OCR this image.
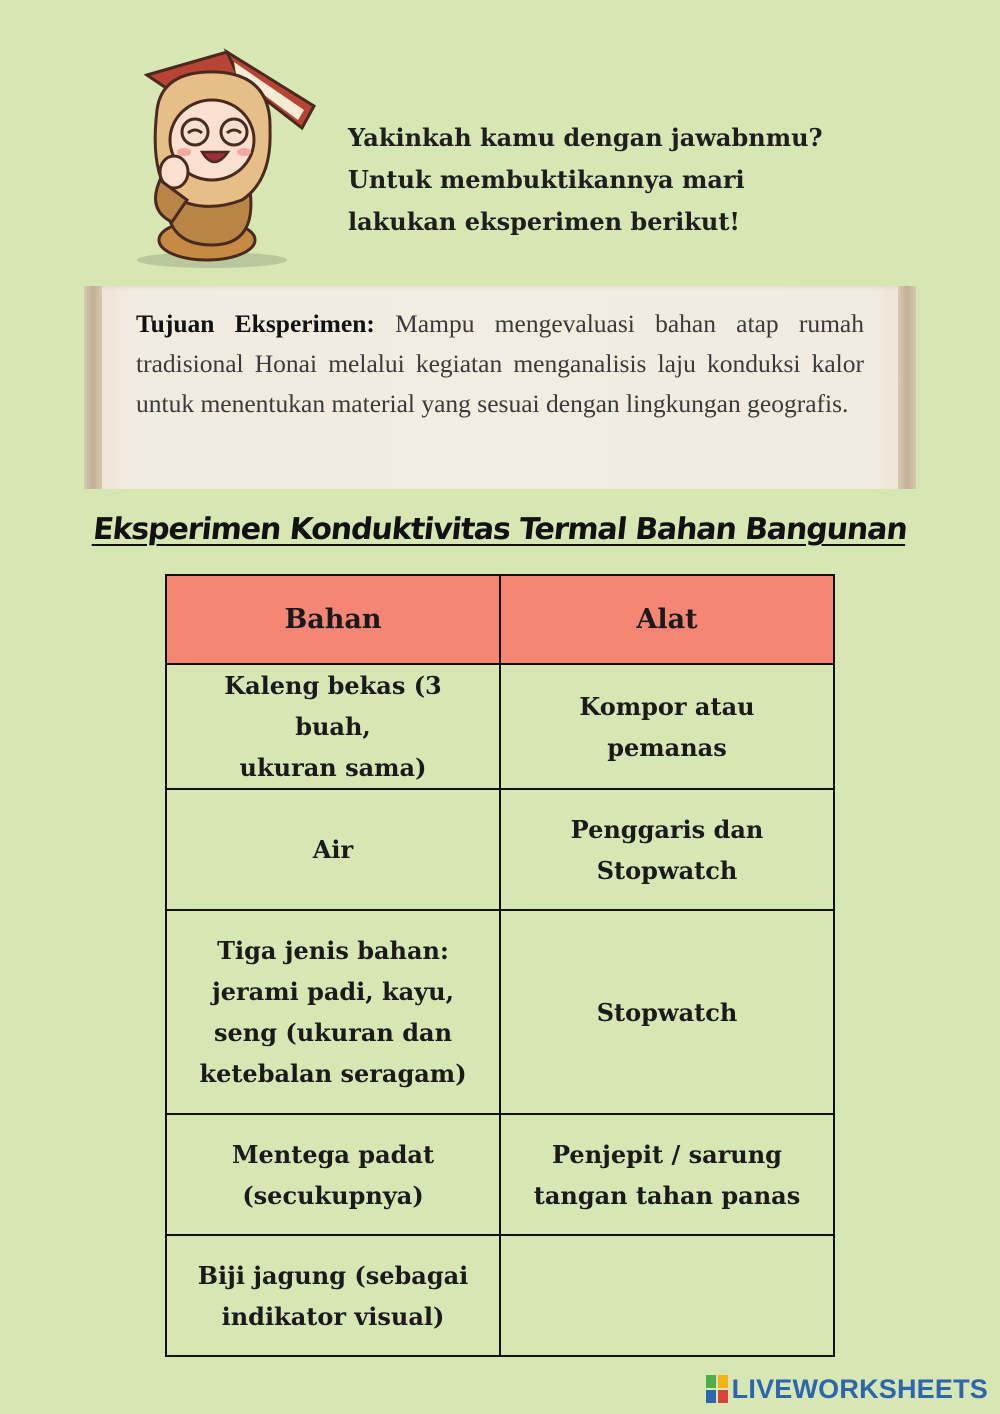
Yakinkah kamu dengan jawabnmu?
Untuk membuktikannya mari
lakukan eksperimen berikut!
Tujuan Eksperimen: Mampu mengevaluasi bahan atap rumah tradisional Honai melalui kegiatan menganalisis laju konduksi kalor untuk menentukan material yang sesuai dengan lingkungan geografis.
Eksperimen Konduktivitas Termal Bahan Bangunan
Bahan	Alat

Kaleng bekas (3 buah,
ukuran sama)	Kompor atau
pemanas

Air	Penggaris dan
Stopwatch

Tiga jenis bahan:
jerami padi, kayu,
seng (ukuran dan
ketebalan seragam)	Stopwatch

Mentega padat
(secukupnya)	Penjepit / sarung
tangan tahan panas

Biji jagung (sebagai
indikator visual)	

LIVEWORKSHEETS
